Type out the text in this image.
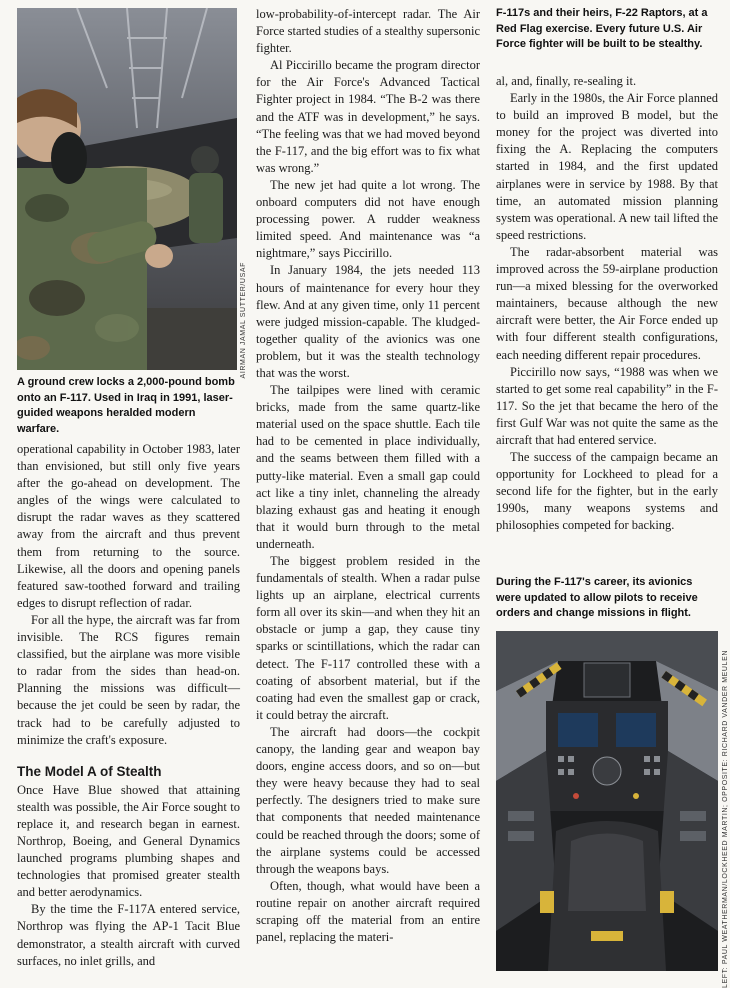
AIRMAN JAMAL SUTTER/USAF
A ground crew locks a 2,000-pound bomb onto an F-117. Used in Iraq in 1991, laser-guided weapons heralded modern warfare.

operational capability in October 1983, later than envisioned, but still only five years after the go-ahead on development. The angles of the wings were calculated to disrupt the radar waves as they scattered away from the aircraft and thus prevent them from returning to the source. Likewise, all the doors and opening panels featured saw-toothed forward and trailing edges to disrupt reflection of radar.

For all the hype, the aircraft was far from invisible. The RCS figures remain classified, but the airplane was more visible to radar from the sides than head-on. Planning the missions was difficult—because the jet could be seen by radar, the track had to be carefully adjusted to minimize the craft's exposure.

The Model A of Stealth

Once Have Blue showed that attaining stealth was possible, the Air Force sought to replace it, and research began in earnest. Northrop, Boeing, and General Dynamics launched programs plumbing shapes and technologies that promised greater stealth and better aerodynamics.

By the time the F-117A entered service, Northrop was flying the AP-1 Tacit Blue demonstrator, a stealth aircraft with curved surfaces, no inlet grills, and

low-probability-of-intercept radar. The Air Force started studies of a stealthy supersonic fighter.

Al Piccirillo became the program director for the Air Force's Advanced Tactical Fighter project in 1984. “The B-2 was there and the ATF was in development,” he says. “The feeling was that we had moved beyond the F-117, and the big effort was to fix what was wrong.”

The new jet had quite a lot wrong. The onboard computers did not have enough processing power. A rudder weakness limited speed. And maintenance was “a nightmare,” says Piccirillo.

In January 1984, the jets needed 113 hours of maintenance for every hour they flew. And at any given time, only 11 percent were judged mission-capable. The kludged-together quality of the avionics was one problem, but it was the stealth technology that was the worst.

The tailpipes were lined with ceramic bricks, made from the same quartz-like material used on the space shuttle. Each tile had to be cemented in place individually, and the seams between them filled with a putty-like material. Even a small gap could act like a tiny inlet, channeling the already blazing exhaust gas and heating it enough that it would burn through to the metal underneath.

The biggest problem resided in the fundamentals of stealth. When a radar pulse lights up an airplane, electrical currents form all over its skin—and when they hit an obstacle or jump a gap, they cause tiny sparks or scintillations, which the radar can detect. The F-117 controlled these with a coating of absorbent material, but if the coating had even the smallest gap or crack, it could betray the aircraft.

The aircraft had doors—the cockpit canopy, the landing gear and weapon bay doors, engine access doors, and so on—but they were heavy because they had to seal perfectly. The designers tried to make sure that components that needed maintenance could be reached through the doors; some of the airplane systems could be accessed through the weapons bays.

Often, though, what would have been a routine repair on another aircraft required scraping off the material from an entire panel, replacing the materi-

F-117s and their heirs, F-22 Raptors, at a Red Flag exercise. Every future U.S. Air Force fighter will be built to be stealthy.

al, and, finally, re-sealing it.

Early in the 1980s, the Air Force planned to build an improved B model, but the money for the project was diverted into fixing the A. Replacing the computers started in 1984, and the first updated airplanes were in service by 1988. By that time, an automated mission planning system was operational. A new tail lifted the speed restrictions.

The radar-absorbent material was improved across the 59-airplane production run—a mixed blessing for the overworked maintainers, because although the new aircraft were better, the Air Force ended up with four different stealth configurations, each needing different repair procedures.

Piccirillo now says, “1988 was when we started to get some real capability” in the F-117. So the jet that became the hero of the first Gulf War was not quite the same as the aircraft that had entered service.

The success of the campaign became an opportunity for Lockheed to plead for a second life for the fighter, but in the early 1990s, many weapons systems and philosophies competed for backing.

During the F-117's career, its avionics were updated to allow pilots to receive orders and change missions in flight.
LEFT: PAUL WEATHERMAN/LOCKHEED MARTIN; OPPOSITE: RICHARD VANDER MEULEN
